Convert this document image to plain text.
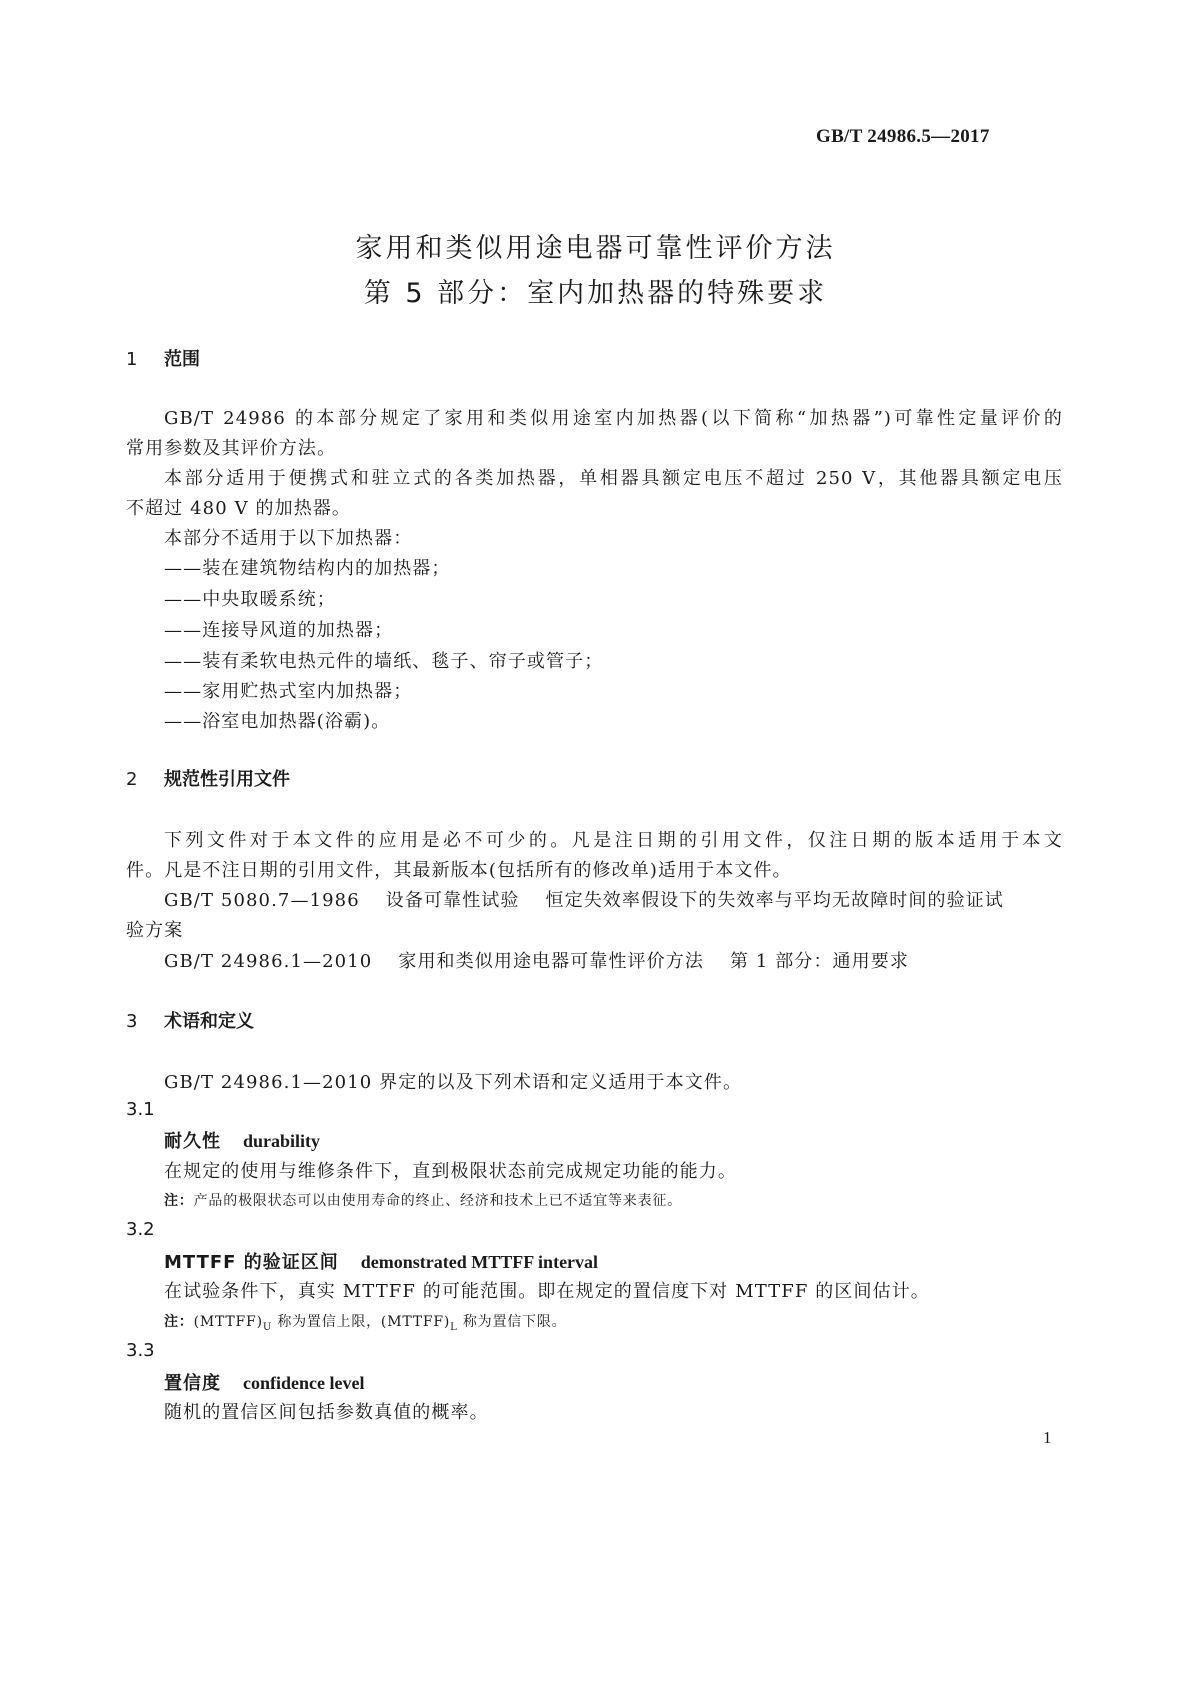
GB/T 24986.5—2017
家用和类似用途电器可靠性评价方法
第 5 部分：室内加热器的特殊要求
1 范围
GB/T 24986 的本部分规定了家用和类似用途室内加热器(以下简称“加热器”)可靠性定量评价的
常用参数及其评价方法。
本部分适用于便携式和驻立式的各类加热器，单相器具额定电压不超过 250 V，其他器具额定电压
不超过 480 V 的加热器。
本部分不适用于以下加热器：
——装在建筑物结构内的加热器；
——中央取暖系统；
——连接导风道的加热器；
——装有柔软电热元件的墙纸、毯子、帘子或管子；
——家用贮热式室内加热器；
——浴室电加热器(浴霸)。
2 规范性引用文件
下列文件对于本文件的应用是必不可少的。凡是注日期的引用文件，仅注日期的版本适用于本文
件。凡是不注日期的引用文件，其最新版本(包括所有的修改单)适用于本文件。
GB/T 5080.7—1986 设备可靠性试验 恒定失效率假设下的失效率与平均无故障时间的验证试
验方案
GB/T 24986.1—2010 家用和类似用途电器可靠性评价方法 第 1 部分：通用要求
3 术语和定义
GB/T 24986.1—2010 界定的以及下列术语和定义适用于本文件。
3.1
耐久性 durability
在规定的使用与维修条件下，直到极限状态前完成规定功能的能力。
注：产品的极限状态可以由使用寿命的终止、经济和技术上已不适宜等来表征。
3.2
MTTFF 的验证区间 demonstrated MTTFF interval
在试验条件下，真实 MTTFF 的可能范围。即在规定的置信度下对 MTTFF 的区间估计。
注：$(MTTFF)_U$ 称为置信上限，$(MTTFF)_L$ 称为置信下限。
3.3
置信度 confidence level
随机的置信区间包括参数真值的概率。
1
